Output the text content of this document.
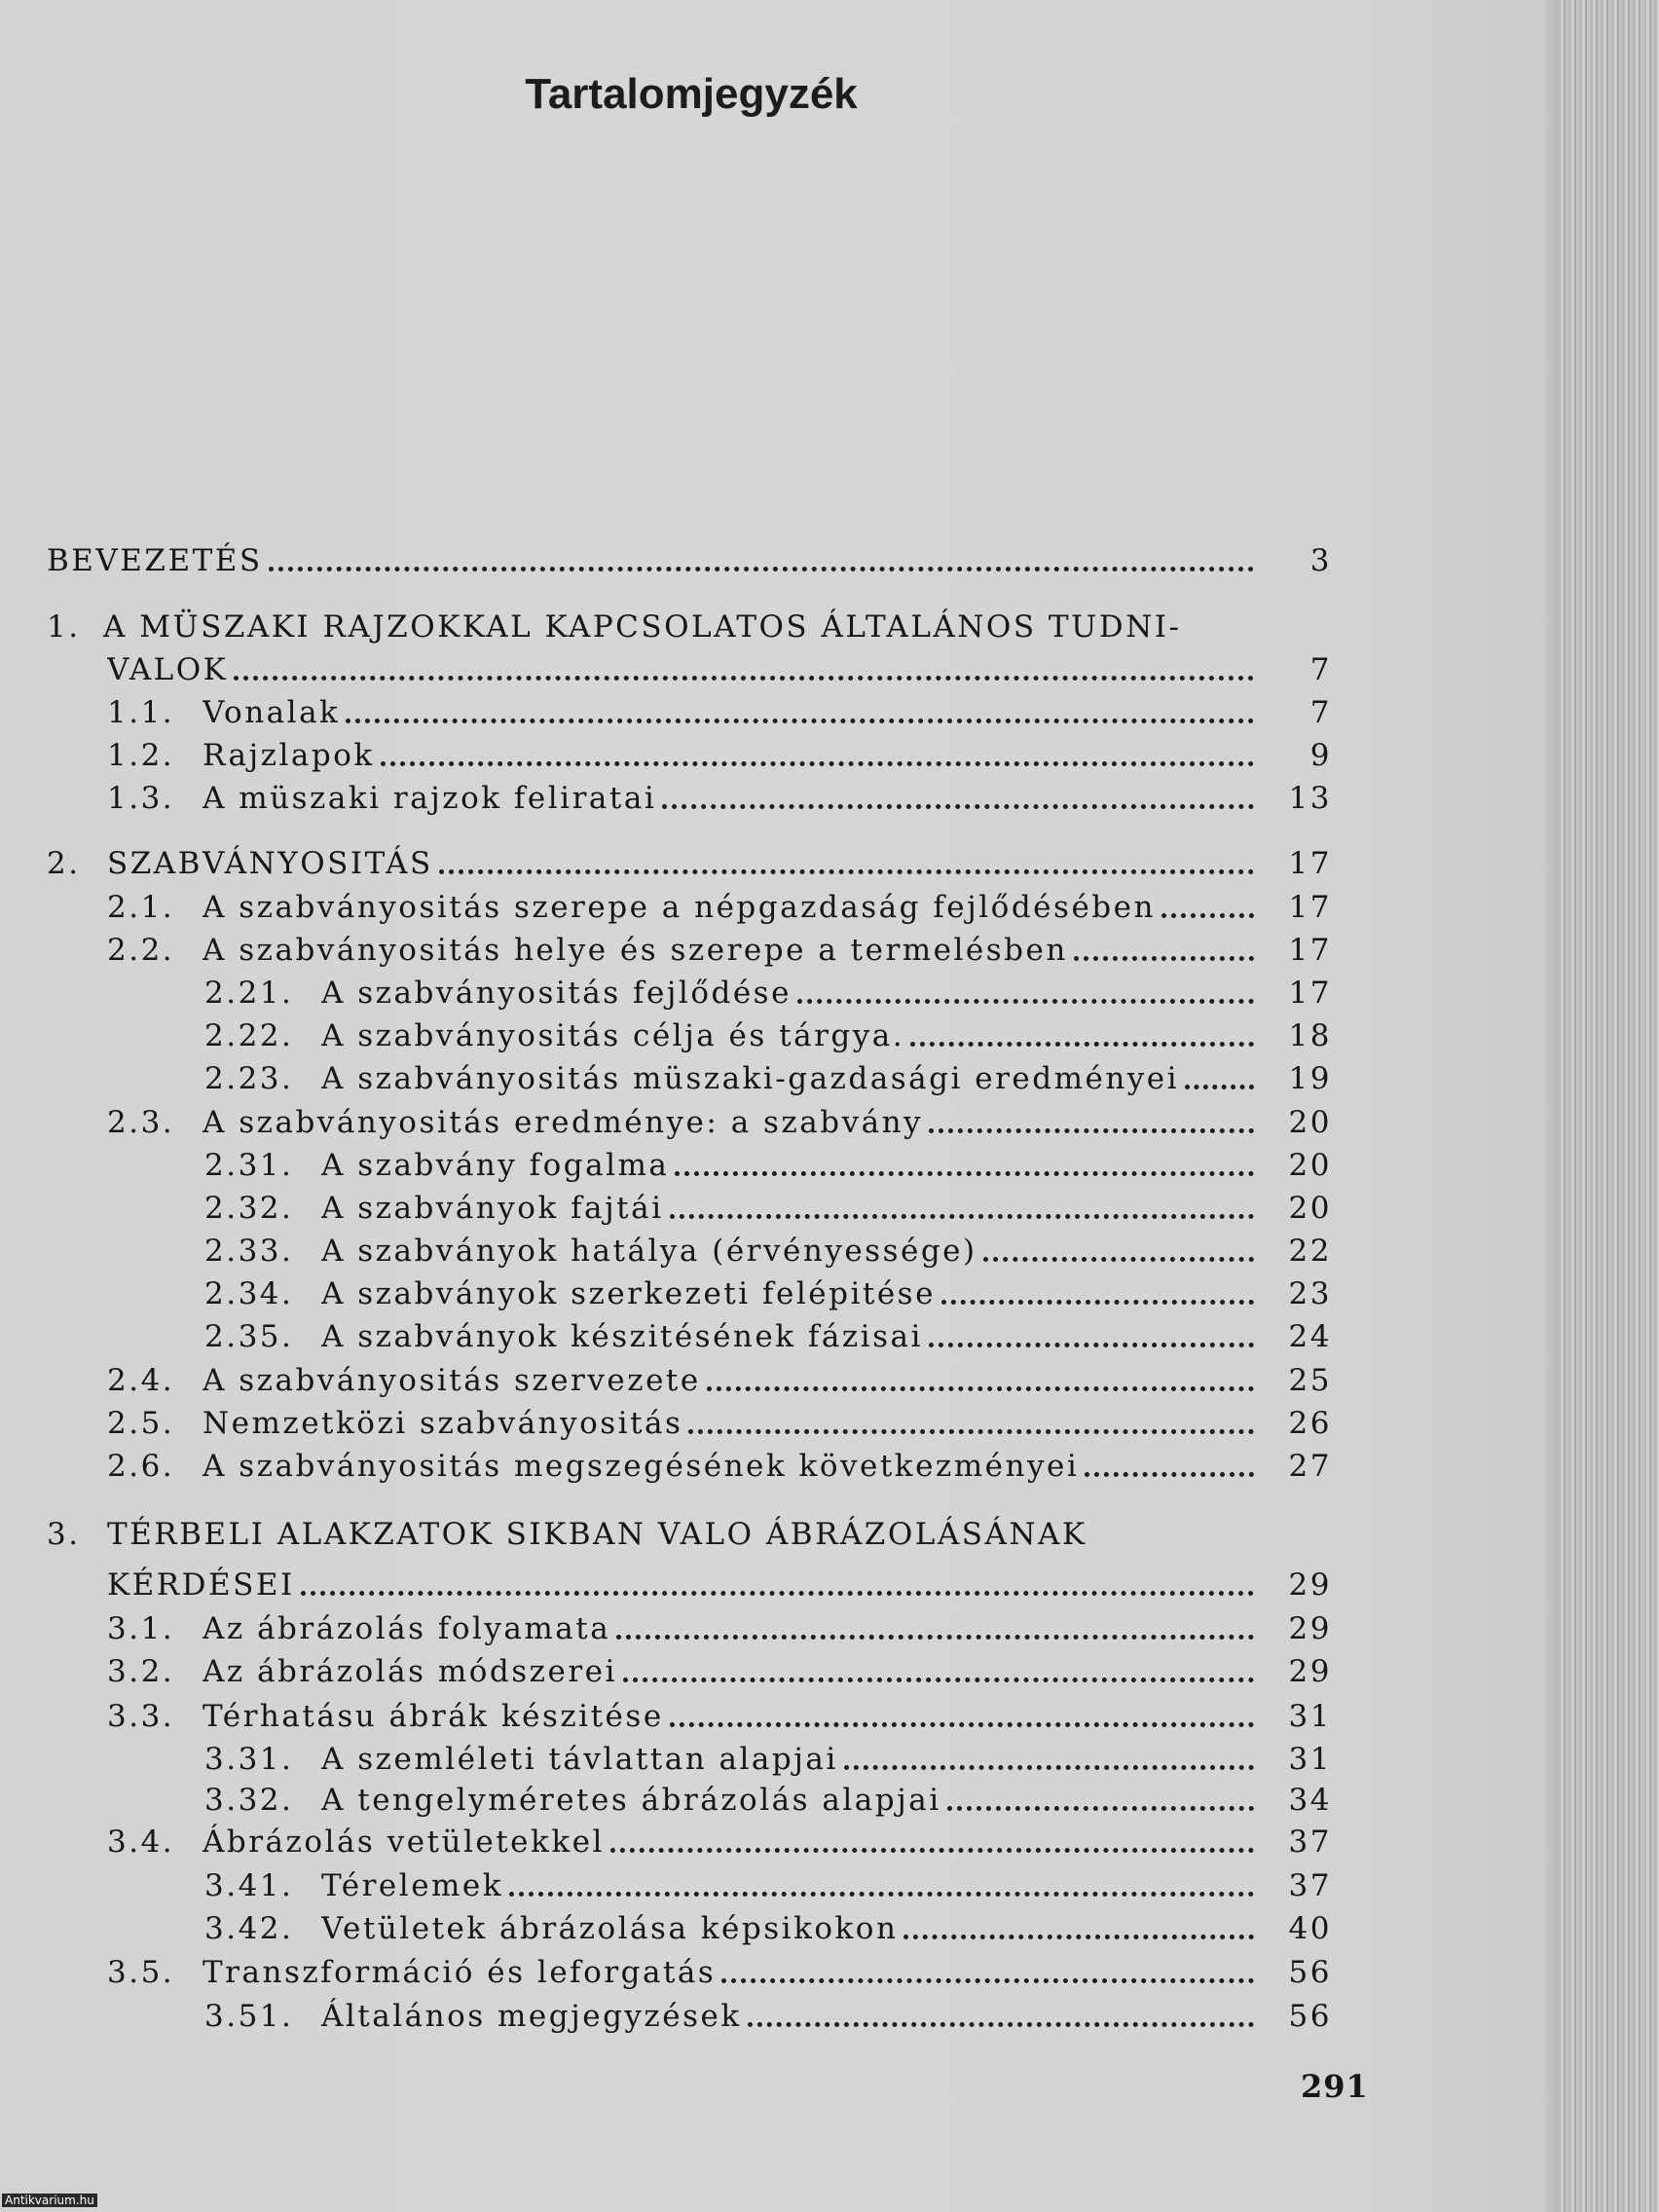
Tartalomjegyzék
BEVEZETÉS	3
1. A MÜSZAKI RAJZOKKAL KAPCSOLATOS ÁLTALÁNOS TUDNI-
VALOK	7
1.1. Vonalak	7
1.2. Rajzlapok	9
1.3. A müszaki rajzok feliratai	13
2. SZABVÁNYOSITÁS	17
2.1. A szabványositás szerepe a népgazdaság fejlődésében	17
2.2. A szabványositás helye és szerepe a termelésben	17
2.21. A szabványositás fejlődése	17
2.22. A szabványositás célja és tárgya.	18
2.23. A szabványositás müszaki-gazdasági eredményei	19
2.3. A szabványositás eredménye: a szabvány	20
2.31. A szabvány fogalma	20
2.32. A szabványok fajtái	20
2.33. A szabványok hatálya (érvényessége)	22
2.34. A szabványok szerkezeti felépitése	23
2.35. A szabványok készitésének fázisai	24
2.4. A szabványositás szervezete	25
2.5. Nemzetközi szabványositás	26
2.6. A szabványositás megszegésének következményei	27
3. TÉRBELI ALAKZATOK SIKBAN VALO ÁBRÁZOLÁSÁNAK
KÉRDÉSEI	29
3.1. Az ábrázolás folyamata	29
3.2. Az ábrázolás módszerei	29
3.3. Térhatásu ábrák készitése	31
3.31. A szemléleti távlattan alapjai	31
3.32. A tengelyméretes ábrázolás alapjai	34
3.4. Ábrázolás vetületekkel	37
3.41. Térelemek	37
3.42. Vetületek ábrázolása képsikokon	40
3.5. Transzformáció és leforgatás	56
3.51. Általános megjegyzések	56
291
Antikvarium.hu
